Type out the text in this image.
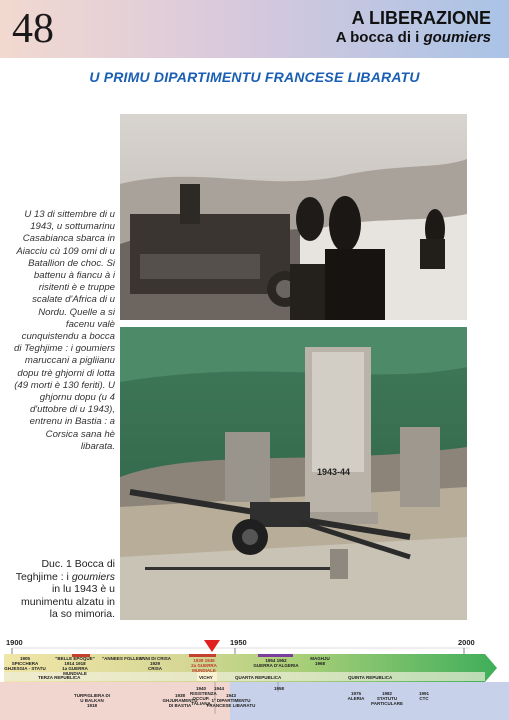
48	A LIBERAZIONE
A bocca di i goumiers
U PRIMU DIPARTIMENTU FRANCESE LIBARATU
1943-44
U 13 di sittembre di u 1943, u sottumarinu Casabianca sbarca in Aiacciu cù 109 omi di u Batallion de choc. Si battenu à fiancu à i risitenti è e truppe scalate d'Africa di u Nordu. Quelle a si facenu valè cunquistendu a bocca di Teghjime : i goumiers maruccani a pigliianu dopu trè ghjorni di lotta (49 morti è 130 feriti). U ghjornu dopu (u 4 d'uttobre di u 1943), entrenu in Bastia : a Corsica sana hè libarata.
Duc. 1 Bocca di Teghjime : i goumiers in lu 1943 è u munimentu alzatu in la so mimoria.
1900	1950	2000
1905
SPICCHERA
GHJESGIA - STATU
"BELLE EPOQUE"
1914 1918
1a GUERRA
MUNDIALE
"ANNEES FOLLES"
ANNI DI CRISA
1929
CRISA
1939 1945
2a GUERRA
MUNDIALE
1954 1962
GUERRA D'ALGERIA
MAGHJU
1968
TERZA REPUBLICA	VICHY	QUARTA REPUBLICA	QUINTA REPUBLICA
TURPIGLIERA DI
U BALKAN
1918
1938
GHJURAMENTU
DI BASTIA
1940
RISISTENZA
OCCUP.
TALIANA
1943
1º DIPARTIMENTU
FRANCESE LIBARATU
1944	1958
1975
ALERIA
1982
STATUTU
PARTICULARE
1991
CTC
